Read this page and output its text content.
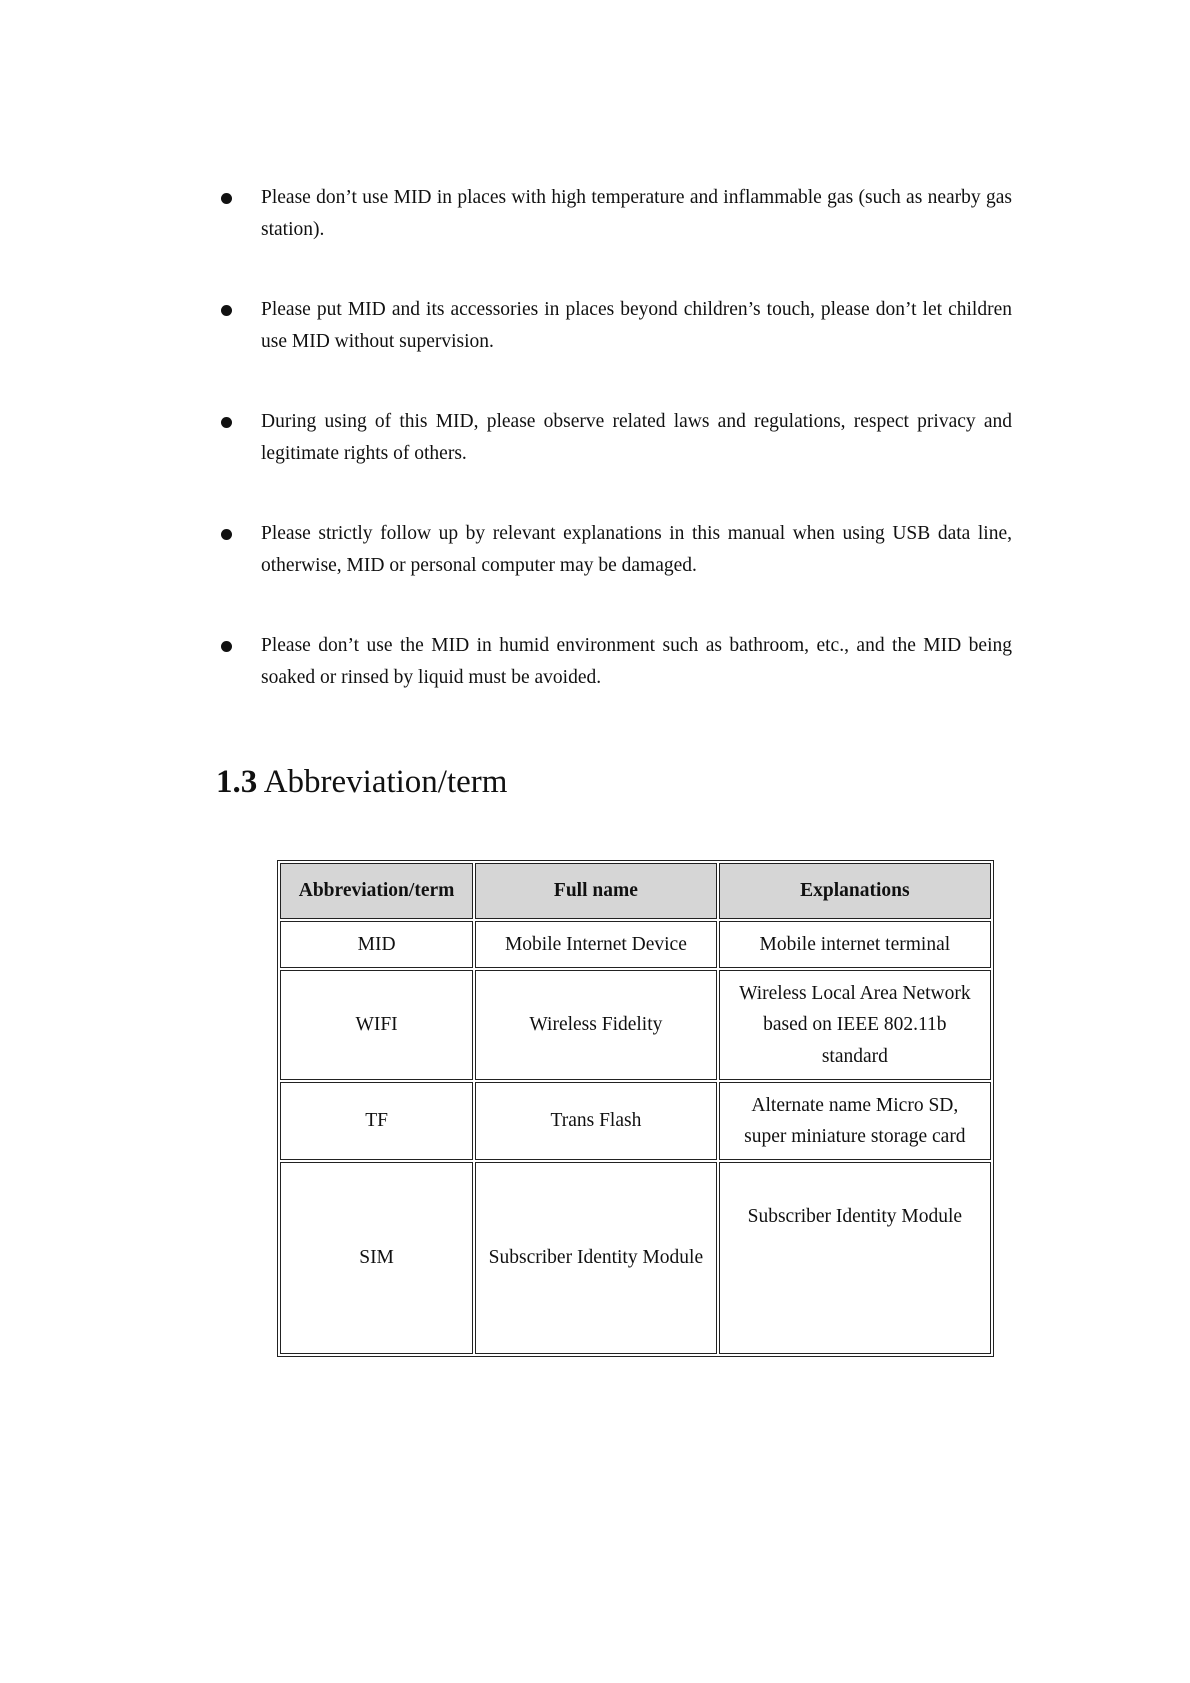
Please don’t use MID in places with high temperature and inflammable gas (such as nearby gas station).
Please put MID and its accessories in places beyond children’s touch, please don’t let children use MID without supervision.
During using of this MID, please observe related laws and regulations, respect privacy and legitimate rights of others.
Please strictly follow up by relevant explanations in this manual when using USB data line, otherwise, MID or personal computer may be damaged.
Please don’t use the MID in humid environment such as bathroom, etc., and the MID being soaked or rinsed by liquid must be avoided.
1.3 Abbreviation/term
Abbreviation/term	Full name	Explanations
MID	Mobile Internet Device	Mobile internet terminal
WIFI	Wireless Fidelity	Wireless Local Area Network based on IEEE 802.11b standard
TF	Trans Flash	Alternate name Micro SD, super miniature storage card
SIM	Subscriber Identity Module	Subscriber Identity Module
